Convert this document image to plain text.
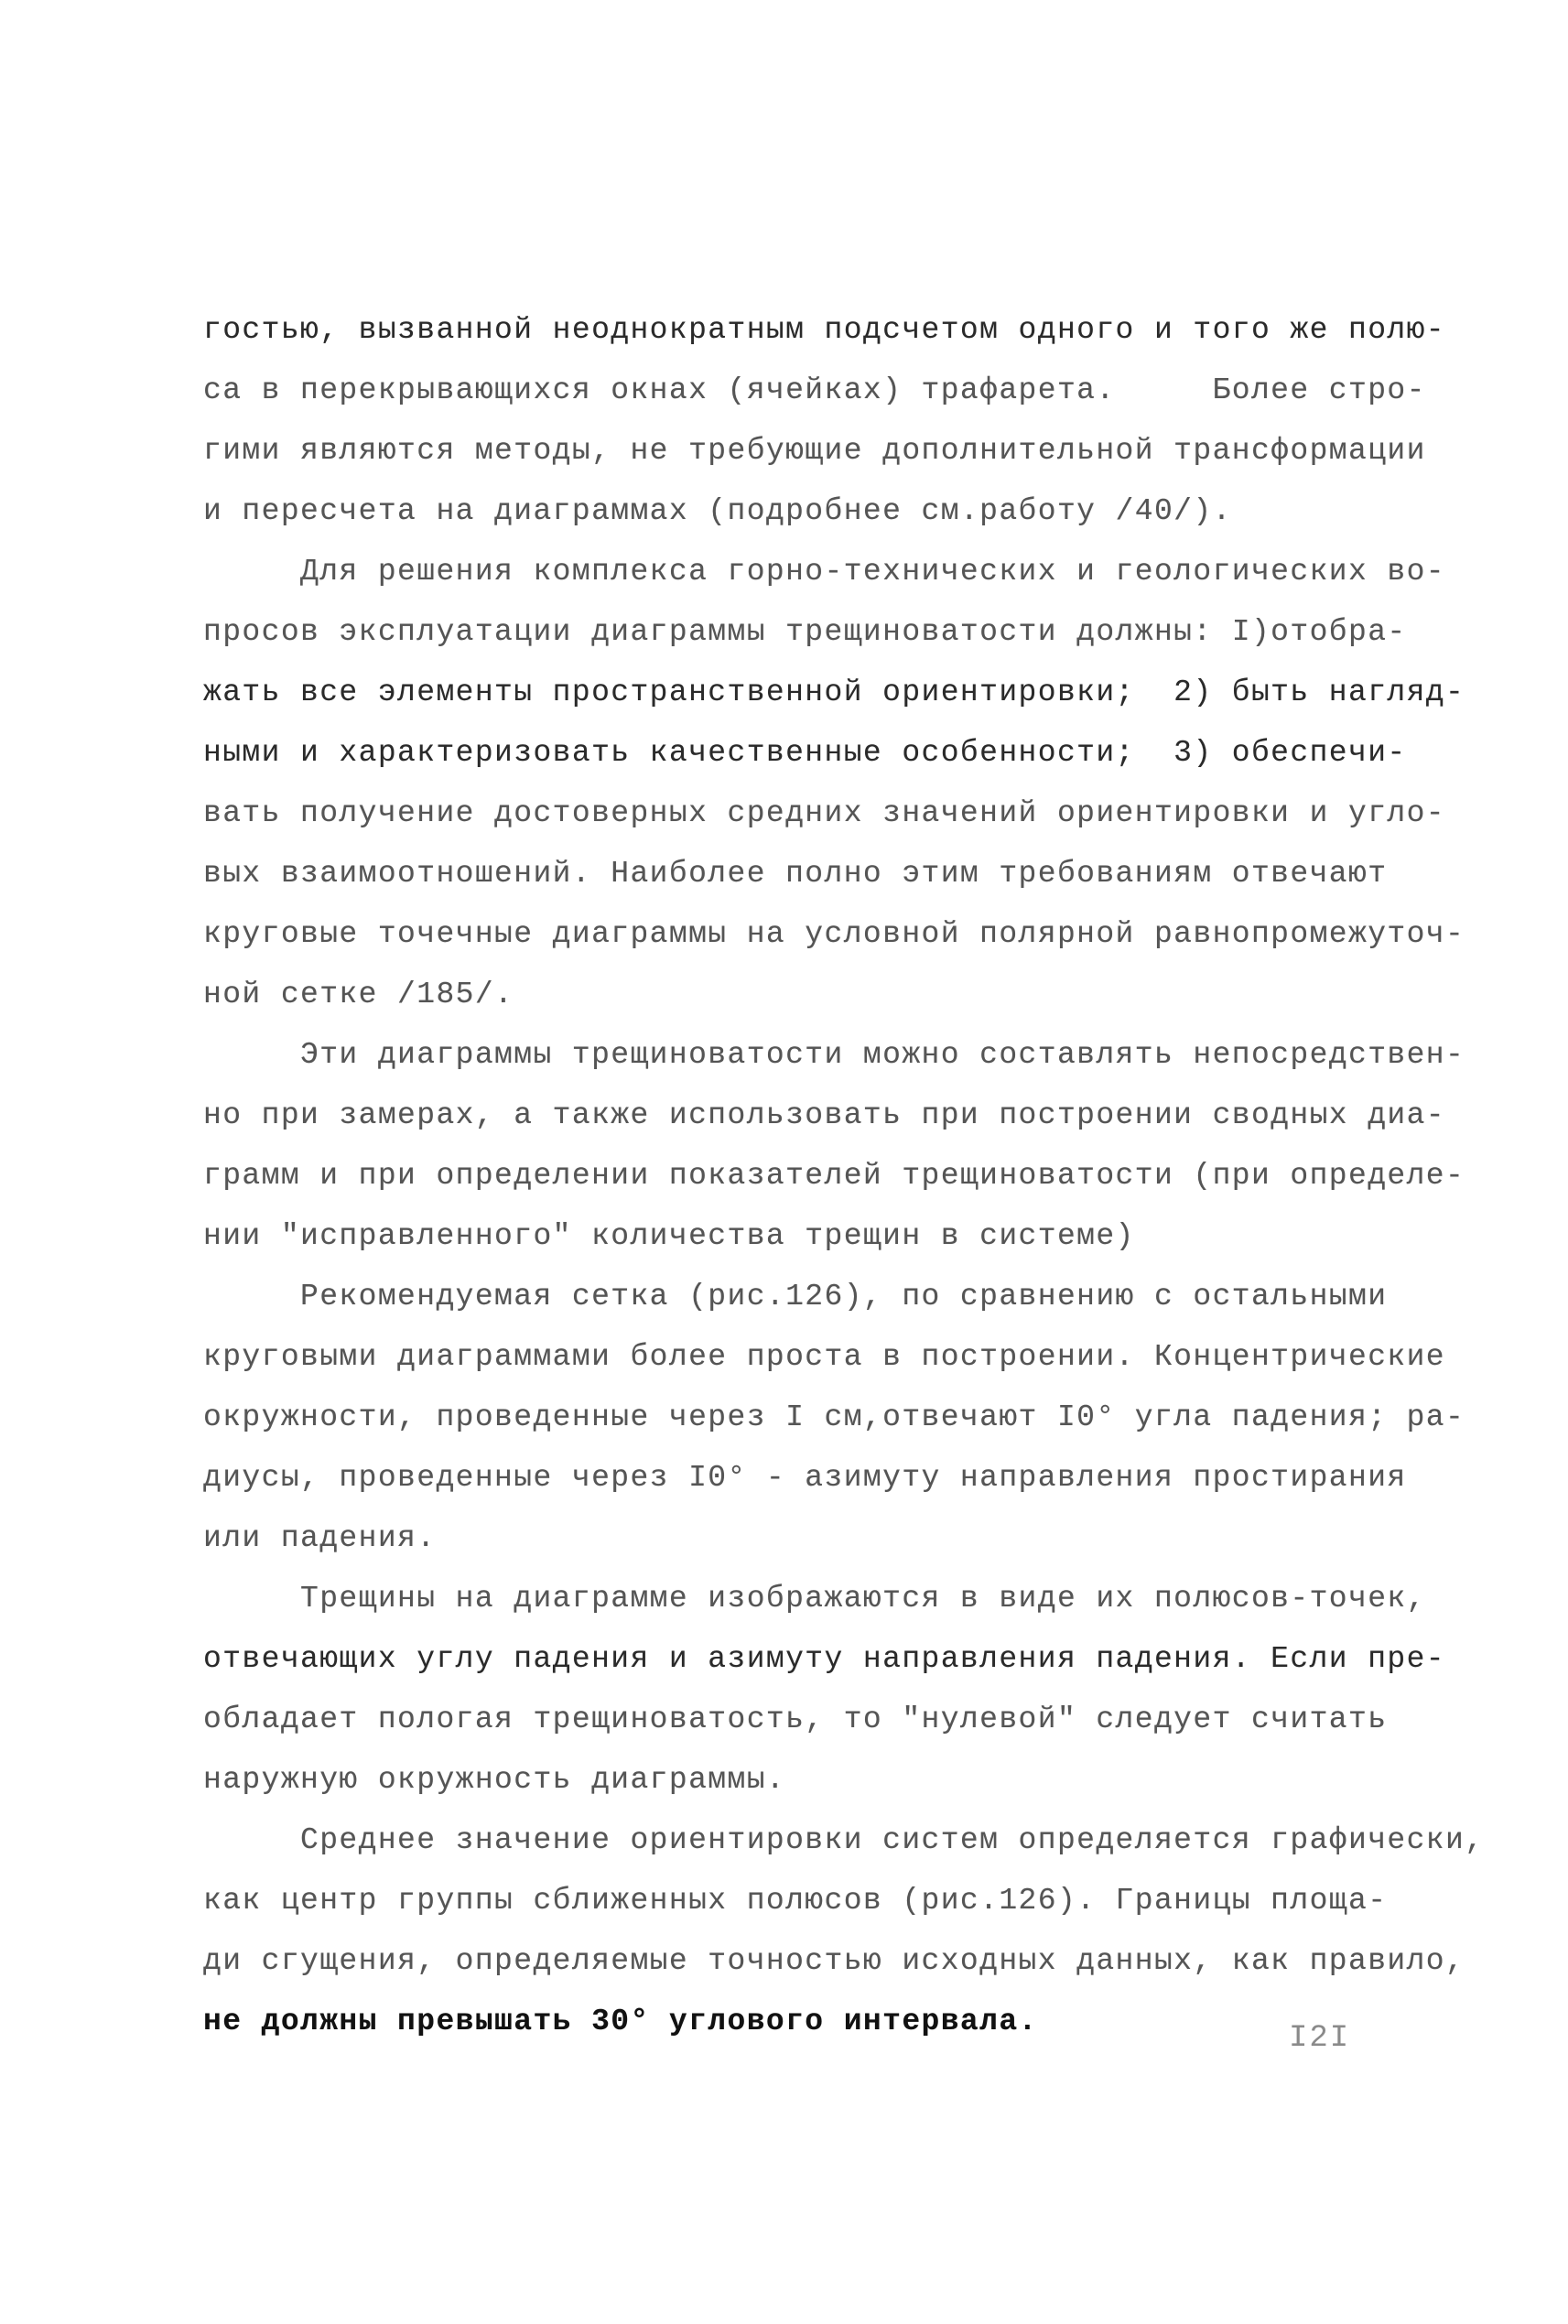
гостью, вызванной неоднократным подсчетом одного и того же полю-
са в перекрывающихся окнах (ячейках) трафарета.     Более стро-
гими являются методы, не требующие дополнительной трансформации
и пересчета на диаграммах (подробнее см.работу /40/).
Для решения комплекса горно-технических и геологических во-
просов эксплуатации диаграммы трещиноватости должны: I)отобра-
жать все элементы пространственной ориентировки;  2) быть нагляд-
ными и характеризовать качественные особенности;  3) обеспечи-
вать получение достоверных средних значений ориентировки и угло-
вых взаимоотношений. Наиболее полно этим требованиям отвечают
круговые точечные диаграммы на условной полярной равнопромежуточ-
ной сетке /185/.
Эти диаграммы трещиноватости можно составлять непосредствен-
но при замерах, а также использовать при построении сводных диа-
грамм и при определении показателей трещиноватости (при определе-
нии "исправленного" количества трещин в системе)
Рекомендуемая сетка (рис.126), по сравнению с остальными
круговыми диаграммами более проста в построении. Концентрические
окружности, проведенные через I см,отвечают I0° угла падения; ра-
диусы, проведенные через I0° - азимуту направления простирания
или падения.
Трещины на диаграмме изображаются в виде их полюсов-точек,
отвечающих углу падения и азимуту направления падения. Если пре-
обладает пологая трещиноватость, то "нулевой" следует считать
наружную окружность диаграммы.
Среднее значение ориентировки систем определяется графически,
как центр группы сближенных полюсов (рис.126). Границы площа-
ди сгущения, определяемые точностью исходных данных, как правило,
не должны превышать 30° углового интервала.	I2I
